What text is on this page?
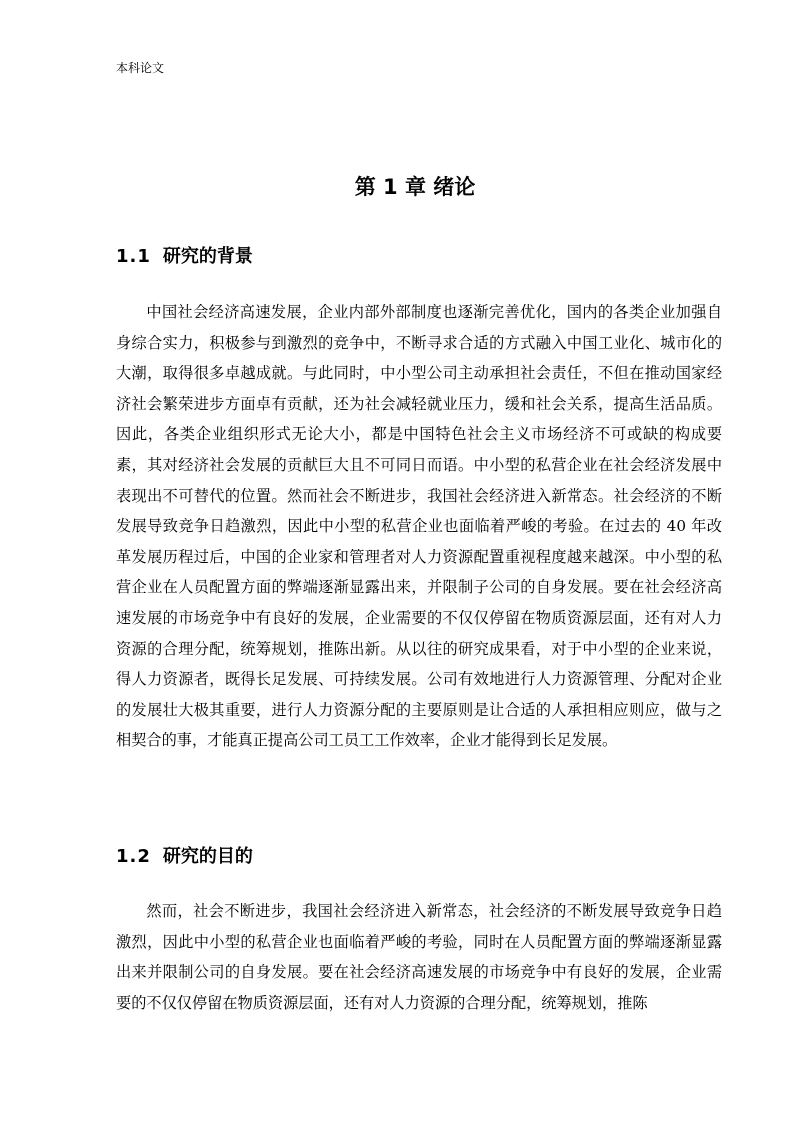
本科论文
第 1 章 绪论
1.1 研究的背景

中国社会经济高速发展，企业内部外部制度也逐渐完善优化，国内的各类企业加强自身综合实力，积极参与到激烈的竞争中，不断寻求合适的方式融入中国工业化、城市化的大潮，取得很多卓越成就。与此同时，中小型公司主动承担社会责任，不但在推动国家经济社会繁荣进步方面卓有贡献，还为社会减轻就业压力，缓和社会关系，提高生活品质。因此，各类企业组织形式无论大小，都是中国特色社会主义市场经济不可或缺的构成要素，其对经济社会发展的贡献巨大且不可同日而语。中小型的私营企业在社会经济发展中表现出不可替代的位置。然而社会不断进步，我国社会经济进入新常态。社会经济的不断发展导致竞争日趋激烈，因此中小型的私营企业也面临着严峻的考验。在过去的 40 年改革发展历程过后，中国的企业家和管理者对人力资源配置重视程度越来越深。中小型的私营企业在人员配置方面的弊端逐渐显露出来，并限制子公司的自身发展。要在社会经济高速发展的市场竞争中有良好的发展，企业需要的不仅仅停留在物质资源层面，还有对人力资源的合理分配，统筹规划，推陈出新。从以往的研究成果看，对于中小型的企业来说，得人力资源者，既得长足发展、可持续发展。公司有效地进行人力资源管理、分配对企业的发展壮大极其重要，进行人力资源分配的主要原则是让合适的人承担相应则应，做与之相契合的事，才能真正提高公司工员工工作效率，企业才能得到长足发展。

1.2 研究的目的

然而，社会不断进步，我国社会经济进入新常态，社会经济的不断发展导致竞争日趋激烈，因此中小型的私营企业也面临着严峻的考验，同时在人员配置方面的弊端逐渐显露出来并限制公司的自身发展。要在社会经济高速发展的市场竞争中有良好的发展，企业需要的不仅仅停留在物质资源层面，还有对人力资源的合理分配，统筹规划，推陈
